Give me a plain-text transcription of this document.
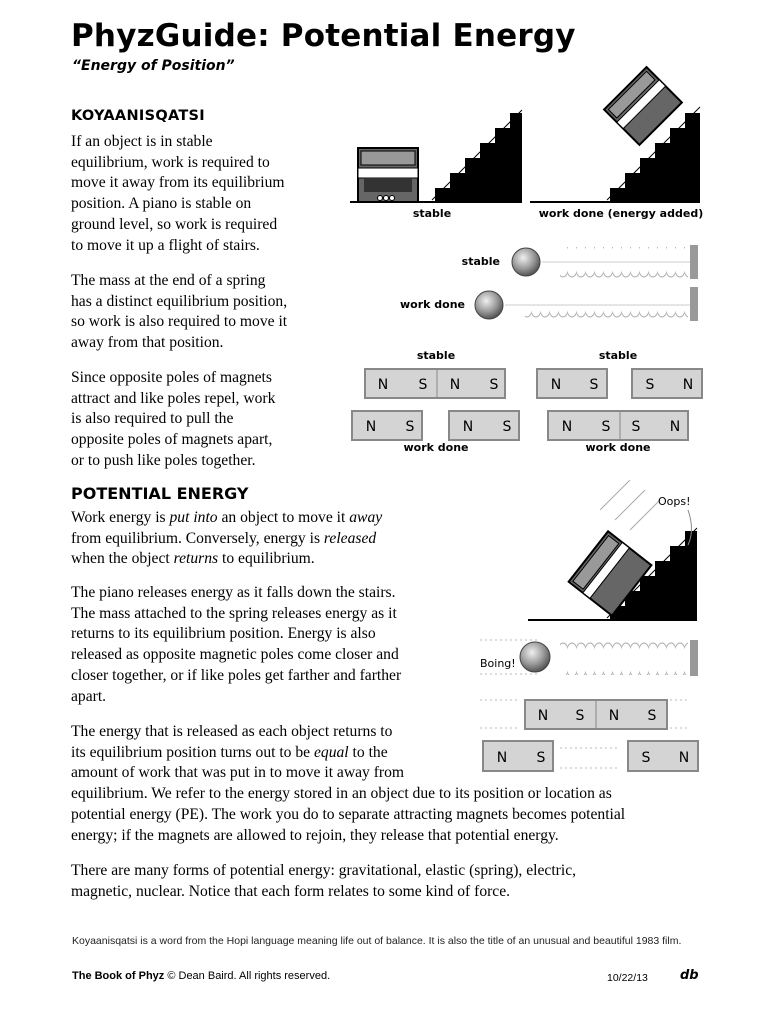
PhyzGuide: Potential Energy
“Energy of Position”
KOYAANISQATSI
If an object is in stable
equilibrium, work is required to
move it away from its equilibrium
position. A piano is stable on
ground level, so work is required
to move it up a flight of stairs.
The mass at the end of a spring
has a distinct equilibrium position,
so work is also required to move it
away from that position.
Since opposite poles of magnets
attract and like poles repel, work
is also required to pull the
opposite poles of magnets apart,
or to push like poles together.
POTENTIAL ENERGY
Work energy is put into an object to move it away
from equilibrium. Conversely, energy is released
when the object returns to equilibrium.
The piano releases energy as it falls down the stairs.
The mass attached to the spring releases energy as it
returns to its equilibrium position. Energy is also
released as opposite magnetic poles come closer and
closer together, or if like poles get farther and farther
apart.
The energy that is released as each object returns to
its equilibrium position turns out to be equal to the
amount of work that was put in to move it away from
equilibrium. We refer to the energy stored in an object due to its position or location as
potential energy (PE). The work you do to separate attracting magnets becomes potential
energy; if the magnets are allowed to rejoin, they release that potential energy.
There are many forms of potential energy: gravitational, elastic (spring), electric,
magnetic, nuclear. Notice that each form relates to some kind of force.
stable	work done (energy added)
stable
work done
stable	stable
work done	work done
Oops!
Boing!
N S N S	N S	S N
N S	N S	N S S N
N S N S
N S	S N
Koyaanisqatsi is a word from the Hopi language meaning life out of balance. It is also the title of an unusual and beautiful 1983 film.
The Book of Phyz © Dean Baird. All rights reserved.	10/22/13 db
